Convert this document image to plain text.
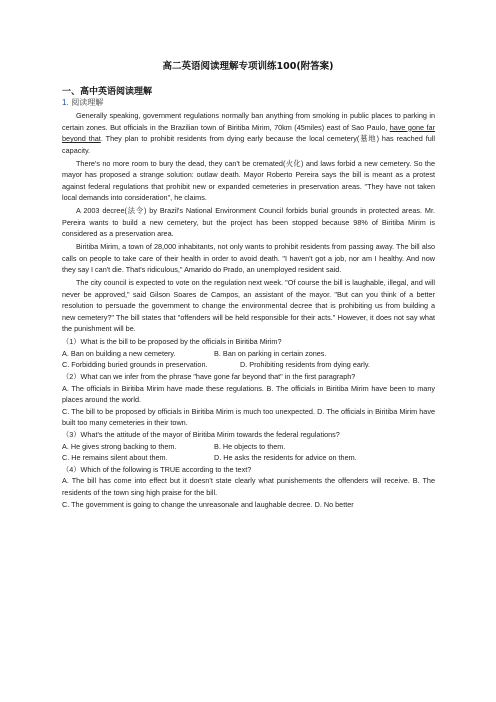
高二英语阅读理解专项训练100(附答案)
一、高中英语阅读理解
1. 阅读理解

Generally speaking, government regulations normally ban anything from smoking in public places to parking in certain zones. But officials in the Brazilian town of Biritiba Mirim, 70km (45miles) east of Sao Paulo, have gone far beyond that. They plan to prohibit residents from dying early because the local cemetery(墓地) has reached full capacity.

There's no more room to bury the dead, they can't be cremated(火化) and laws forbid a new cemetery. So the mayor has proposed a strange solution: outlaw death. Mayor Roberto Pereira says the bill is meant as a protest against federal regulations that prohibit new or expanded cemeteries in preservation areas. "They have not taken local demands into consideration", he claims.

A 2003 decree(法令) by Brazil's National Environment Council forbids burial grounds in protected areas. Mr. Pereira wants to build a new cemetery, but the project has been stopped because 98% of Biritiba Mirim is considered as a preservation area.

Biritiba Mirim, a town of 28,000 inhabitants, not only wants to prohibit residents from passing away. The bill also calls on people to take care of their health in order to avoid death. "I haven't got a job, nor am I healthy. And now they say I can't die. That's ridiculous," Amarido do Prado, an unemployed resident said.

The city council is expected to vote on the regulation next week. "Of course the bill is laughable, illegal, and will never be approved," said Gilson Soares de Campos, an assistant of the mayor. "But can you think of a better resolution to persuade the government to change the environmental decree that is prohibiting us from building a new cemetery?" The bill states that "offenders will be held responsible for their acts." However, it does not say what the punishment will be.

（1）What is the bill to be proposed by the officials in Biritiba Mirim?
A. Ban on building a new cemetery.	B. Ban on parking in certain zones.
C. Forbidding buried grounds in preservation.	D. Prohibiting residents from dying early.
（2）What can we infer from the phrase "have gone far beyond that" in the first paragraph?
A. The officials in Biritiba Mirim have made these regulations. B. The officials in Biritiba Mirim have been to many places around the world.
C. The bill to be proposed by officials in Biritiba Mirim is much too unexpected. D. The officials in Biritiba Mirim have built too many cemeteries in their town.
（3）What's the attitude of the mayor of Biritiba Mirim towards the federal regulations?
A. He gives strong backing to them.	B. He objects to them.
C. He remains silent about them.	D. He asks the residents for advice on them.
（4）Which of the following is TRUE according to the text?
A. The bill has come into effect but it doesn't state clearly what punishements the offenders will receive. B. The residents of the town sing high praise for the bill.
C. The government is going to change the unreasonale and laughable decree. D. No better
